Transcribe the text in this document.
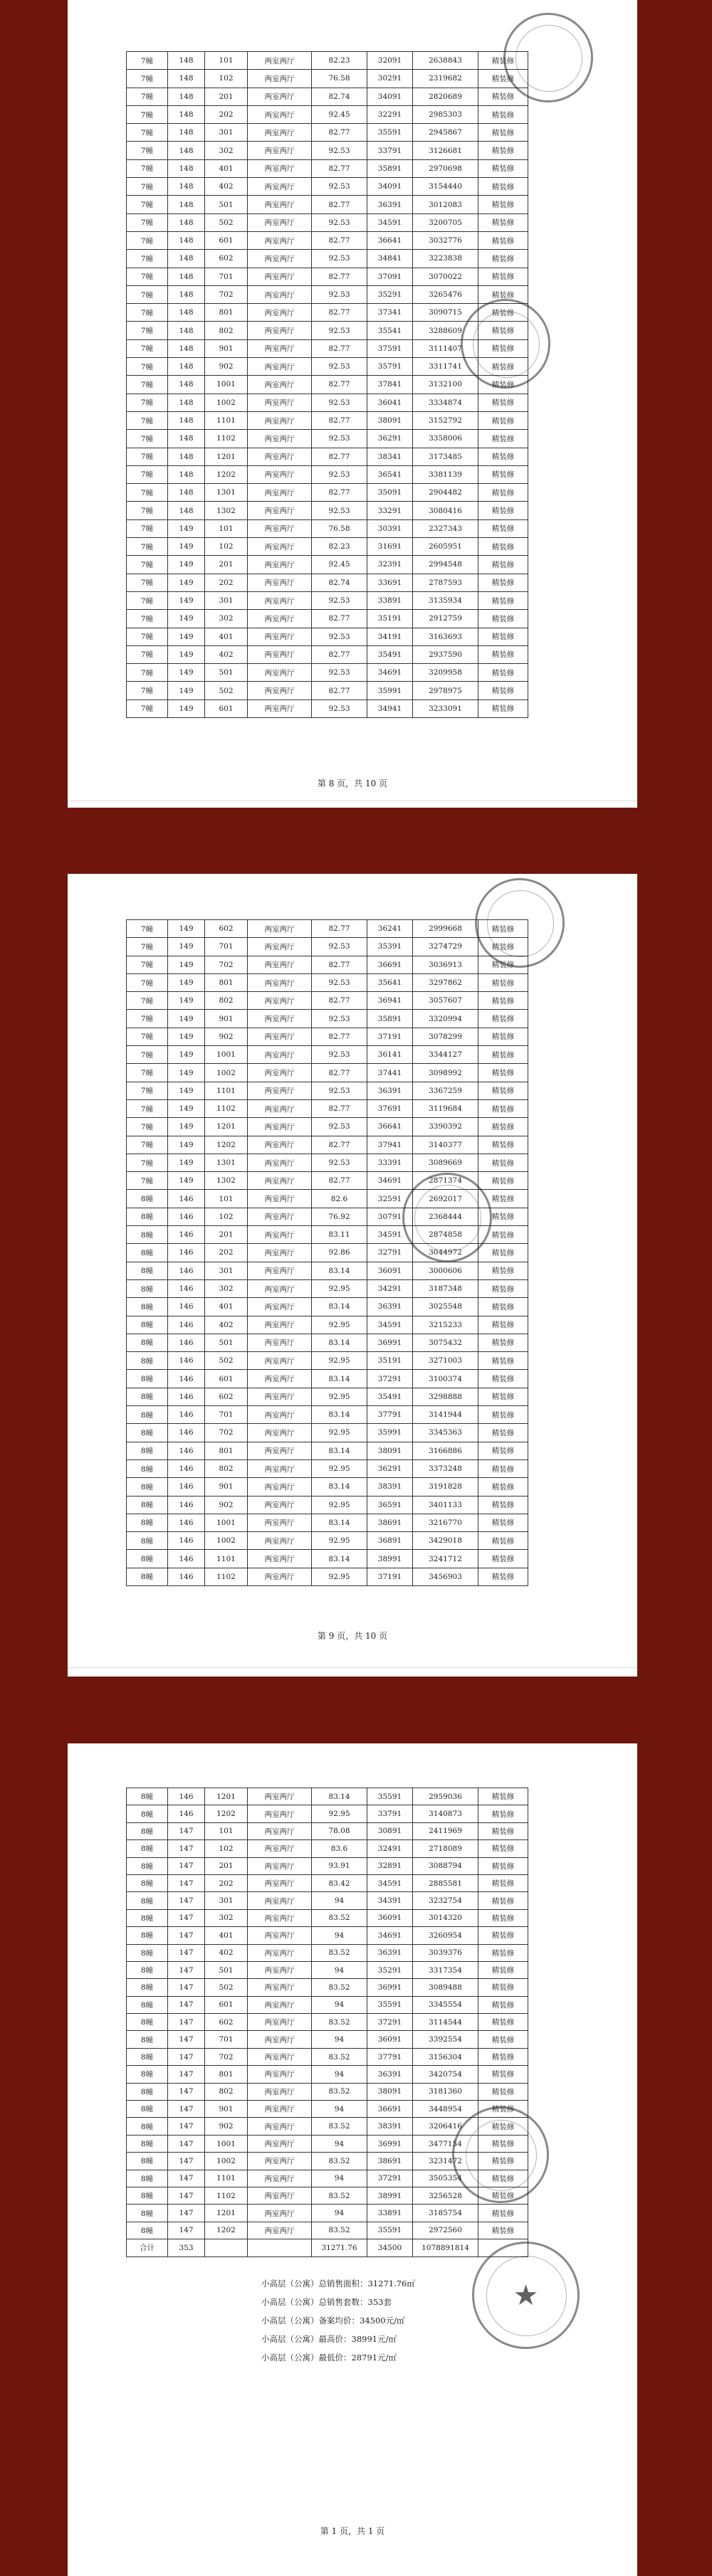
7幢	148	101	两室两厅	82.23	32091	2638843	精装修
7幢	148	102	两室两厅	76.58	30291	2319682	精装修
7幢	148	201	两室两厅	82.74	34091	2820689	精装修
7幢	148	202	两室两厅	92.45	32291	2985303	精装修
7幢	148	301	两室两厅	82.77	35591	2945867	精装修
7幢	148	302	两室两厅	92.53	33791	3126681	精装修
7幢	148	401	两室两厅	82.77	35891	2970698	精装修
7幢	148	402	两室两厅	92.53	34091	3154440	精装修
7幢	148	501	两室两厅	82.77	36391	3012083	精装修
7幢	148	502	两室两厅	92.53	34591	3200705	精装修
7幢	148	601	两室两厅	82.77	36641	3032776	精装修
7幢	148	602	两室两厅	92.53	34841	3223838	精装修
7幢	148	701	两室两厅	82.77	37091	3070022	精装修
7幢	148	702	两室两厅	92.53	35291	3265476	精装修
7幢	148	801	两室两厅	82.77	37341	3090715	精装修
7幢	148	802	两室两厅	92.53	35541	3288609	精装修
7幢	148	901	两室两厅	82.77	37591	3111407	精装修
7幢	148	902	两室两厅	92.53	35791	3311741	精装修
7幢	148	1001	两室两厅	82.77	37841	3132100	精装修
7幢	148	1002	两室两厅	92.53	36041	3334874	精装修
7幢	148	1101	两室两厅	82.77	38091	3152792	精装修
7幢	148	1102	两室两厅	92.53	36291	3358006	精装修
7幢	148	1201	两室两厅	82.77	38341	3173485	精装修
7幢	148	1202	两室两厅	92.53	36541	3381139	精装修
7幢	148	1301	两室两厅	82.77	35091	2904482	精装修
7幢	148	1302	两室两厅	92.53	33291	3080416	精装修
7幢	149	101	两室两厅	76.58	30391	2327343	精装修
7幢	149	102	两室两厅	82.23	31691	2605951	精装修
7幢	149	201	两室两厅	92.45	32391	2994548	精装修
7幢	149	202	两室两厅	82.74	33691	2787593	精装修
7幢	149	301	两室两厅	92.53	33891	3135934	精装修
7幢	149	302	两室两厅	82.77	35191	2912759	精装修
7幢	149	401	两室两厅	92.53	34191	3163693	精装修
7幢	149	402	两室两厅	82.77	35491	2937590	精装修
7幢	149	501	两室两厅	92.53	34691	3209958	精装修
7幢	149	502	两室两厅	82.77	35991	2978975	精装修
7幢	149	601	两室两厅	92.53	34941	3233091	精装修
第 8 页，共 10 页
7幢	149	602	两室两厅	82.77	36241	2999668	精装修
7幢	149	701	两室两厅	92.53	35391	3274729	精装修
7幢	149	702	两室两厅	82.77	36691	3036913	精装修
7幢	149	801	两室两厅	92.53	35641	3297862	精装修
7幢	149	802	两室两厅	82.77	36941	3057607	精装修
7幢	149	901	两室两厅	92.53	35891	3320994	精装修
7幢	149	902	两室两厅	82.77	37191	3078299	精装修
7幢	149	1001	两室两厅	92.53	36141	3344127	精装修
7幢	149	1002	两室两厅	82.77	37441	3098992	精装修
7幢	149	1101	两室两厅	92.53	36391	3367259	精装修
7幢	149	1102	两室两厅	82.77	37691	3119684	精装修
7幢	149	1201	两室两厅	92.53	36641	3390392	精装修
7幢	149	1202	两室两厅	82.77	37941	3140377	精装修
7幢	149	1301	两室两厅	92.53	33391	3089669	精装修
7幢	149	1302	两室两厅	82.77	34691	2871374	精装修
8幢	146	101	两室两厅	82.6	32591	2692017	精装修
8幢	146	102	两室两厅	76.92	30791	2368444	精装修
8幢	146	201	两室两厅	83.11	34591	2874858	精装修
8幢	146	202	两室两厅	92.86	32791	3044972	精装修
8幢	146	301	两室两厅	83.14	36091	3000606	精装修
8幢	146	302	两室两厅	92.95	34291	3187348	精装修
8幢	146	401	两室两厅	83.14	36391	3025548	精装修
8幢	146	402	两室两厅	92.95	34591	3215233	精装修
8幢	146	501	两室两厅	83.14	36991	3075432	精装修
8幢	146	502	两室两厅	92.95	35191	3271003	精装修
8幢	146	601	两室两厅	83.14	37291	3100374	精装修
8幢	146	602	两室两厅	92.95	35491	3298888	精装修
8幢	146	701	两室两厅	83.14	37791	3141944	精装修
8幢	146	702	两室两厅	92.95	35991	3345363	精装修
8幢	146	801	两室两厅	83.14	38091	3166886	精装修
8幢	146	802	两室两厅	92.95	36291	3373248	精装修
8幢	146	901	两室两厅	83.14	38391	3191828	精装修
8幢	146	902	两室两厅	92.95	36591	3401133	精装修
8幢	146	1001	两室两厅	83.14	38691	3216770	精装修
8幢	146	1002	两室两厅	92.95	36891	3429018	精装修
8幢	146	1101	两室两厅	83.14	38991	3241712	精装修
8幢	146	1102	两室两厅	92.95	37191	3456903	精装修
第 9 页，共 10 页
8幢	146	1201	两室两厅	83.14	35591	2959036	精装修
8幢	146	1202	两室两厅	92.95	33791	3140873	精装修
8幢	147	101	两室两厅	78.08	30891	2411969	精装修
8幢	147	102	两室两厅	83.6	32491	2718089	精装修
8幢	147	201	两室两厅	93.91	32891	3088794	精装修
8幢	147	202	两室两厅	83.42	34591	2885581	精装修
8幢	147	301	两室两厅	94	34391	3232754	精装修
8幢	147	302	两室两厅	83.52	36091	3014320	精装修
8幢	147	401	两室两厅	94	34691	3260954	精装修
8幢	147	402	两室两厅	83.52	36391	3039376	精装修
8幢	147	501	两室两厅	94	35291	3317354	精装修
8幢	147	502	两室两厅	83.52	36991	3089488	精装修
8幢	147	601	两室两厅	94	35591	3345554	精装修
8幢	147	602	两室两厅	83.52	37291	3114544	精装修
8幢	147	701	两室两厅	94	36091	3392554	精装修
8幢	147	702	两室两厅	83.52	37791	3156304	精装修
8幢	147	801	两室两厅	94	36391	3420754	精装修
8幢	147	802	两室两厅	83.52	38091	3181360	精装修
8幢	147	901	两室两厅	94	36691	3448954	精装修
8幢	147	902	两室两厅	83.52	38391	3206416	精装修
8幢	147	1001	两室两厅	94	36991	3477154	精装修
8幢	147	1002	两室两厅	83.52	38691	3231472	精装修
8幢	147	1101	两室两厅	94	37291	3505354	精装修
8幢	147	1102	两室两厅	83.52	38991	3256528	精装修
8幢	147	1201	两室两厅	94	33891	3185754	精装修
8幢	147	1202	两室两厅	83.52	35591	2972560	精装修
合计	353			31271.76	34500	1078891814	
★
小高层（公寓）总销售面积：31271.76㎡
小高层（公寓）总销售套数：353套
小高层（公寓）备案均价：34500元/㎡
小高层（公寓）最高价：38991元/㎡
小高层（公寓）最低价：28791元/㎡
第 1 页，共 1 页
